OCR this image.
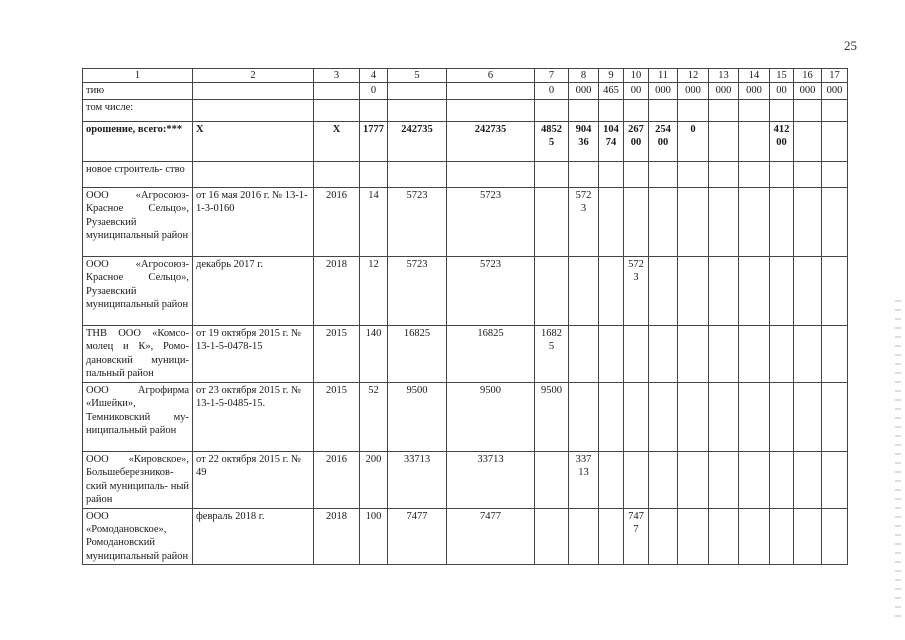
25
1	2	3	4	5	6	7	8	9	10	11	12	13	14	15	16	17
тию			0			0	000	465	00	000	000	000	000	00	000	000
том числе:																
орошение, всего:***	Х	Х	1777	242735	242735	4852 5	904 36	104 74	267 00	254 00	0			412 00		
новое строитель- ство																
ООО «Агросоюз-Красное Сельцо», Рузаевский муниципальный район	от 16 мая 2016 г. № 13-1-1-3-0160	2016	14	5723	5723		572 3									
ООО «Агросоюз-Красное Сельцо», Рузаевский муниципальный район	декабрь 2017 г.	2018	12	5723	5723				572 3							
ТНВ ООО «Комсо- молец и К», Ромо- дановский муници- пальный район	от 19 октября 2015 г. № 13-1-5-0478-15	2015	140	16825	16825	1682 5										
ООО Агрофирма «Ишейки», Темниковский му- ниципальный район	от 23 октября 2015 г. № 13-1-5-0485-15.	2015	52	9500	9500	9500										
ООО «Кировское», Большеберезников- ский муниципаль- ный район	от 22 октября 2015 г. № 49	2016	200	33713	33713		337 13									
ООО «Ромодановское», Ромодановский муниципальный район	февраль 2018 г.	2018	100	7477	7477				747 7							
